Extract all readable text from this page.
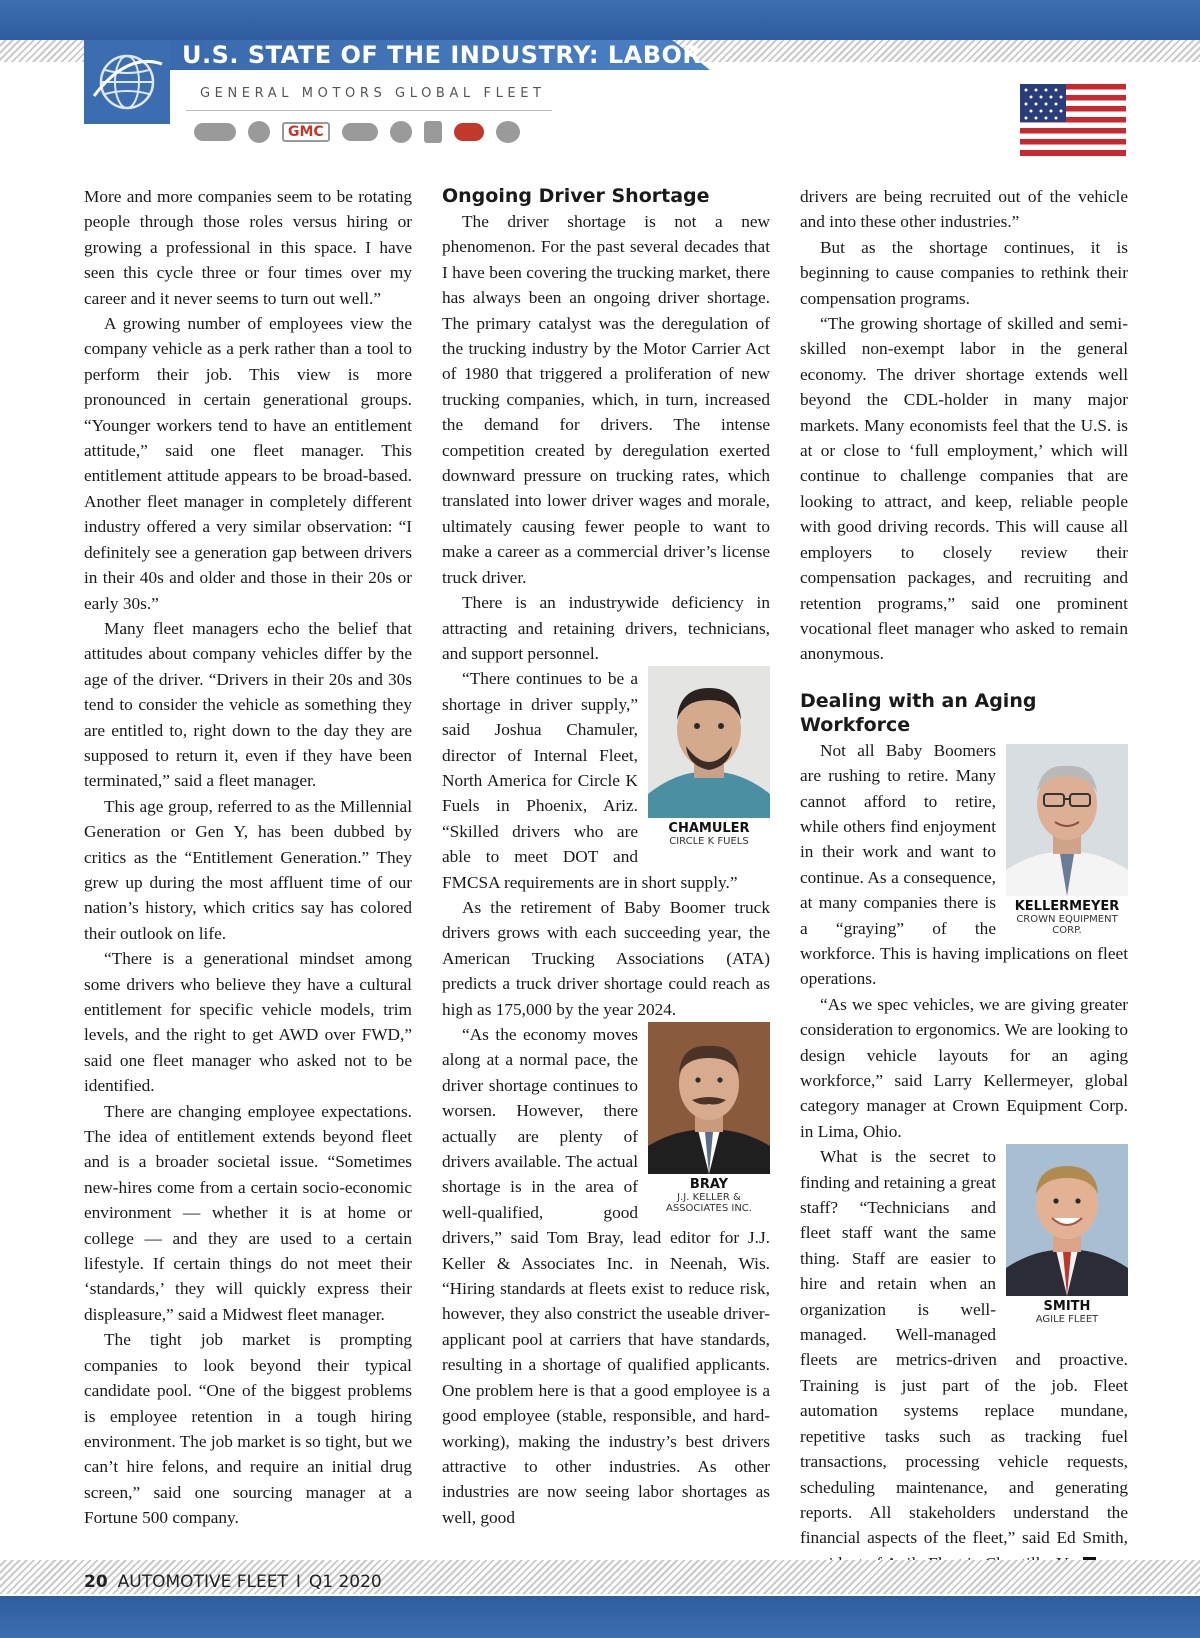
U.S. STATE OF THE INDUSTRY: LABOR
GENERAL MOTORS GLOBAL FLEET
GMC

More and more companies seem to be rotating people through those roles versus hiring or growing a professional in this space. I have seen this cycle three or four times over my career and it never seems to turn out well.”

A growing number of employees view the company vehicle as a perk rather than a tool to perform their job. This view is more pronounced in certain generational groups. “Younger workers tend to have an entitlement attitude,” said one fleet manager. This entitlement attitude appears to be broad-based. Another fleet manager in completely different industry offered a very similar observation: “I definitely see a generation gap between drivers in their 40s and older and those in their 20s or early 30s.”

Many fleet managers echo the belief that attitudes about company vehicles differ by the age of the driver. “Drivers in their 20s and 30s tend to consider the vehicle as something they are entitled to, right down to the day they are supposed to return it, even if they have been terminated,” said a fleet manager.

This age group, referred to as the Millennial Generation or Gen Y, has been dubbed by critics as the “Entitlement Generation.” They grew up during the most affluent time of our nation’s history, which critics say has colored their outlook on life.

“There is a generational mindset among some drivers who believe they have a cultural entitlement for specific vehicle models, trim levels, and the right to get AWD over FWD,” said one fleet manager who asked not to be identified.

There are changing employee expectations. The idea of entitlement extends beyond fleet and is a broader societal issue. “Sometimes new-hires come from a certain socio-economic environment — whether it is at home or college — and they are used to a certain lifestyle. If certain things do not meet their ‘standards,’ they will quickly express their displeasure,” said a Midwest fleet manager.

The tight job market is prompting companies to look beyond their typical candidate pool. “One of the biggest problems is employee retention in a tough hiring environment. The job market is so tight, but we can’t hire felons, and require an initial drug screen,” said one sourcing manager at a Fortune 500 company.

Ongoing Driver Shortage

The driver shortage is not a new phenomenon. For the past several decades that I have been covering the trucking market, there has always been an ongoing driver shortage. The primary catalyst was the deregulation of the trucking industry by the Motor Carrier Act of 1980 that triggered a proliferation of new trucking companies, which, in turn, increased the demand for drivers. The intense competition created by deregulation exerted downward pressure on trucking rates, which translated into lower driver wages and morale, ultimately causing fewer people to want to make a career as a commercial driver’s license truck driver.

There is an industrywide deficiency in attracting and retaining drivers, technicians, and support personnel.

CHAMULER
CIRCLE K FUELS

“There continues to be a shortage in driver supply,” said Joshua Chamuler, director of Internal Fleet, North America for Circle K Fuels in Phoenix, Ariz. “Skilled drivers who are able to meet DOT and FMCSA requirements are in short supply.”

As the retirement of Baby Boomer truck drivers grows with each succeeding year, the American Trucking Associations (ATA) predicts a truck driver shortage could reach as high as 175,000 by the year 2024.

BRAY
J.J. KELLER & ASSOCIATES INC.

“As the economy moves along at a normal pace, the driver shortage continues to worsen. However, there actually are plenty of drivers available. The actual shortage is in the area of well-qualified, good drivers,” said Tom Bray, lead editor for J.J. Keller & Associates Inc. in Neenah, Wis. “Hiring standards at fleets exist to reduce risk, however, they also constrict the useable driver-applicant pool at carriers that have standards, resulting in a shortage of qualified applicants. One problem here is that a good employee is a good employee (stable, responsible, and hard-working), making the industry’s best drivers attractive to other industries. As other industries are now seeing labor shortages as well, good

drivers are being recruited out of the vehicle and into these other industries.”

But as the shortage continues, it is beginning to cause companies to rethink their compensation programs.

“The growing shortage of skilled and semi-skilled non-exempt labor in the general economy. The driver shortage extends well beyond the CDL-holder in many major markets. Many economists feel that the U.S. is at or close to ‘full employment,’ which will continue to challenge companies that are looking to attract, and keep, reliable people with good driving records. This will cause all employers to closely review their compensation packages, and recruiting and retention programs,” said one prominent vocational fleet manager who asked to remain anonymous.

Dealing with an Aging Workforce
KELLERMEYER
CROWN EQUIPMENT CORP.

Not all Baby Boomers are rushing to retire. Many cannot afford to retire, while others find enjoyment in their work and want to continue. As a consequence, at many companies there is a “graying” of the workforce. This is having implications on fleet operations.

“As we spec vehicles, we are giving greater consideration to ergonomics. We are looking to design vehicle layouts for an aging workforce,” said Larry Kellermeyer, global category manager at Crown Equipment Corp. in Lima, Ohio.

SMITH
AGILE FLEET

What is the secret to finding and retaining a great staff? “Technicians and fleet staff want the same thing. Staff are easier to hire and retain when an organization is well-managed. Well-managed fleets are metrics-driven and proactive. Training is just part of the job. Fleet automation systems replace mundane, repetitive tasks such as tracking fuel transactions, processing vehicle requests, scheduling maintenance, and generating reports. All stakeholders understand the financial aspects of the fleet,” said Ed Smith,

20 AUTOMOTIVE FLEET I Q1 2020
